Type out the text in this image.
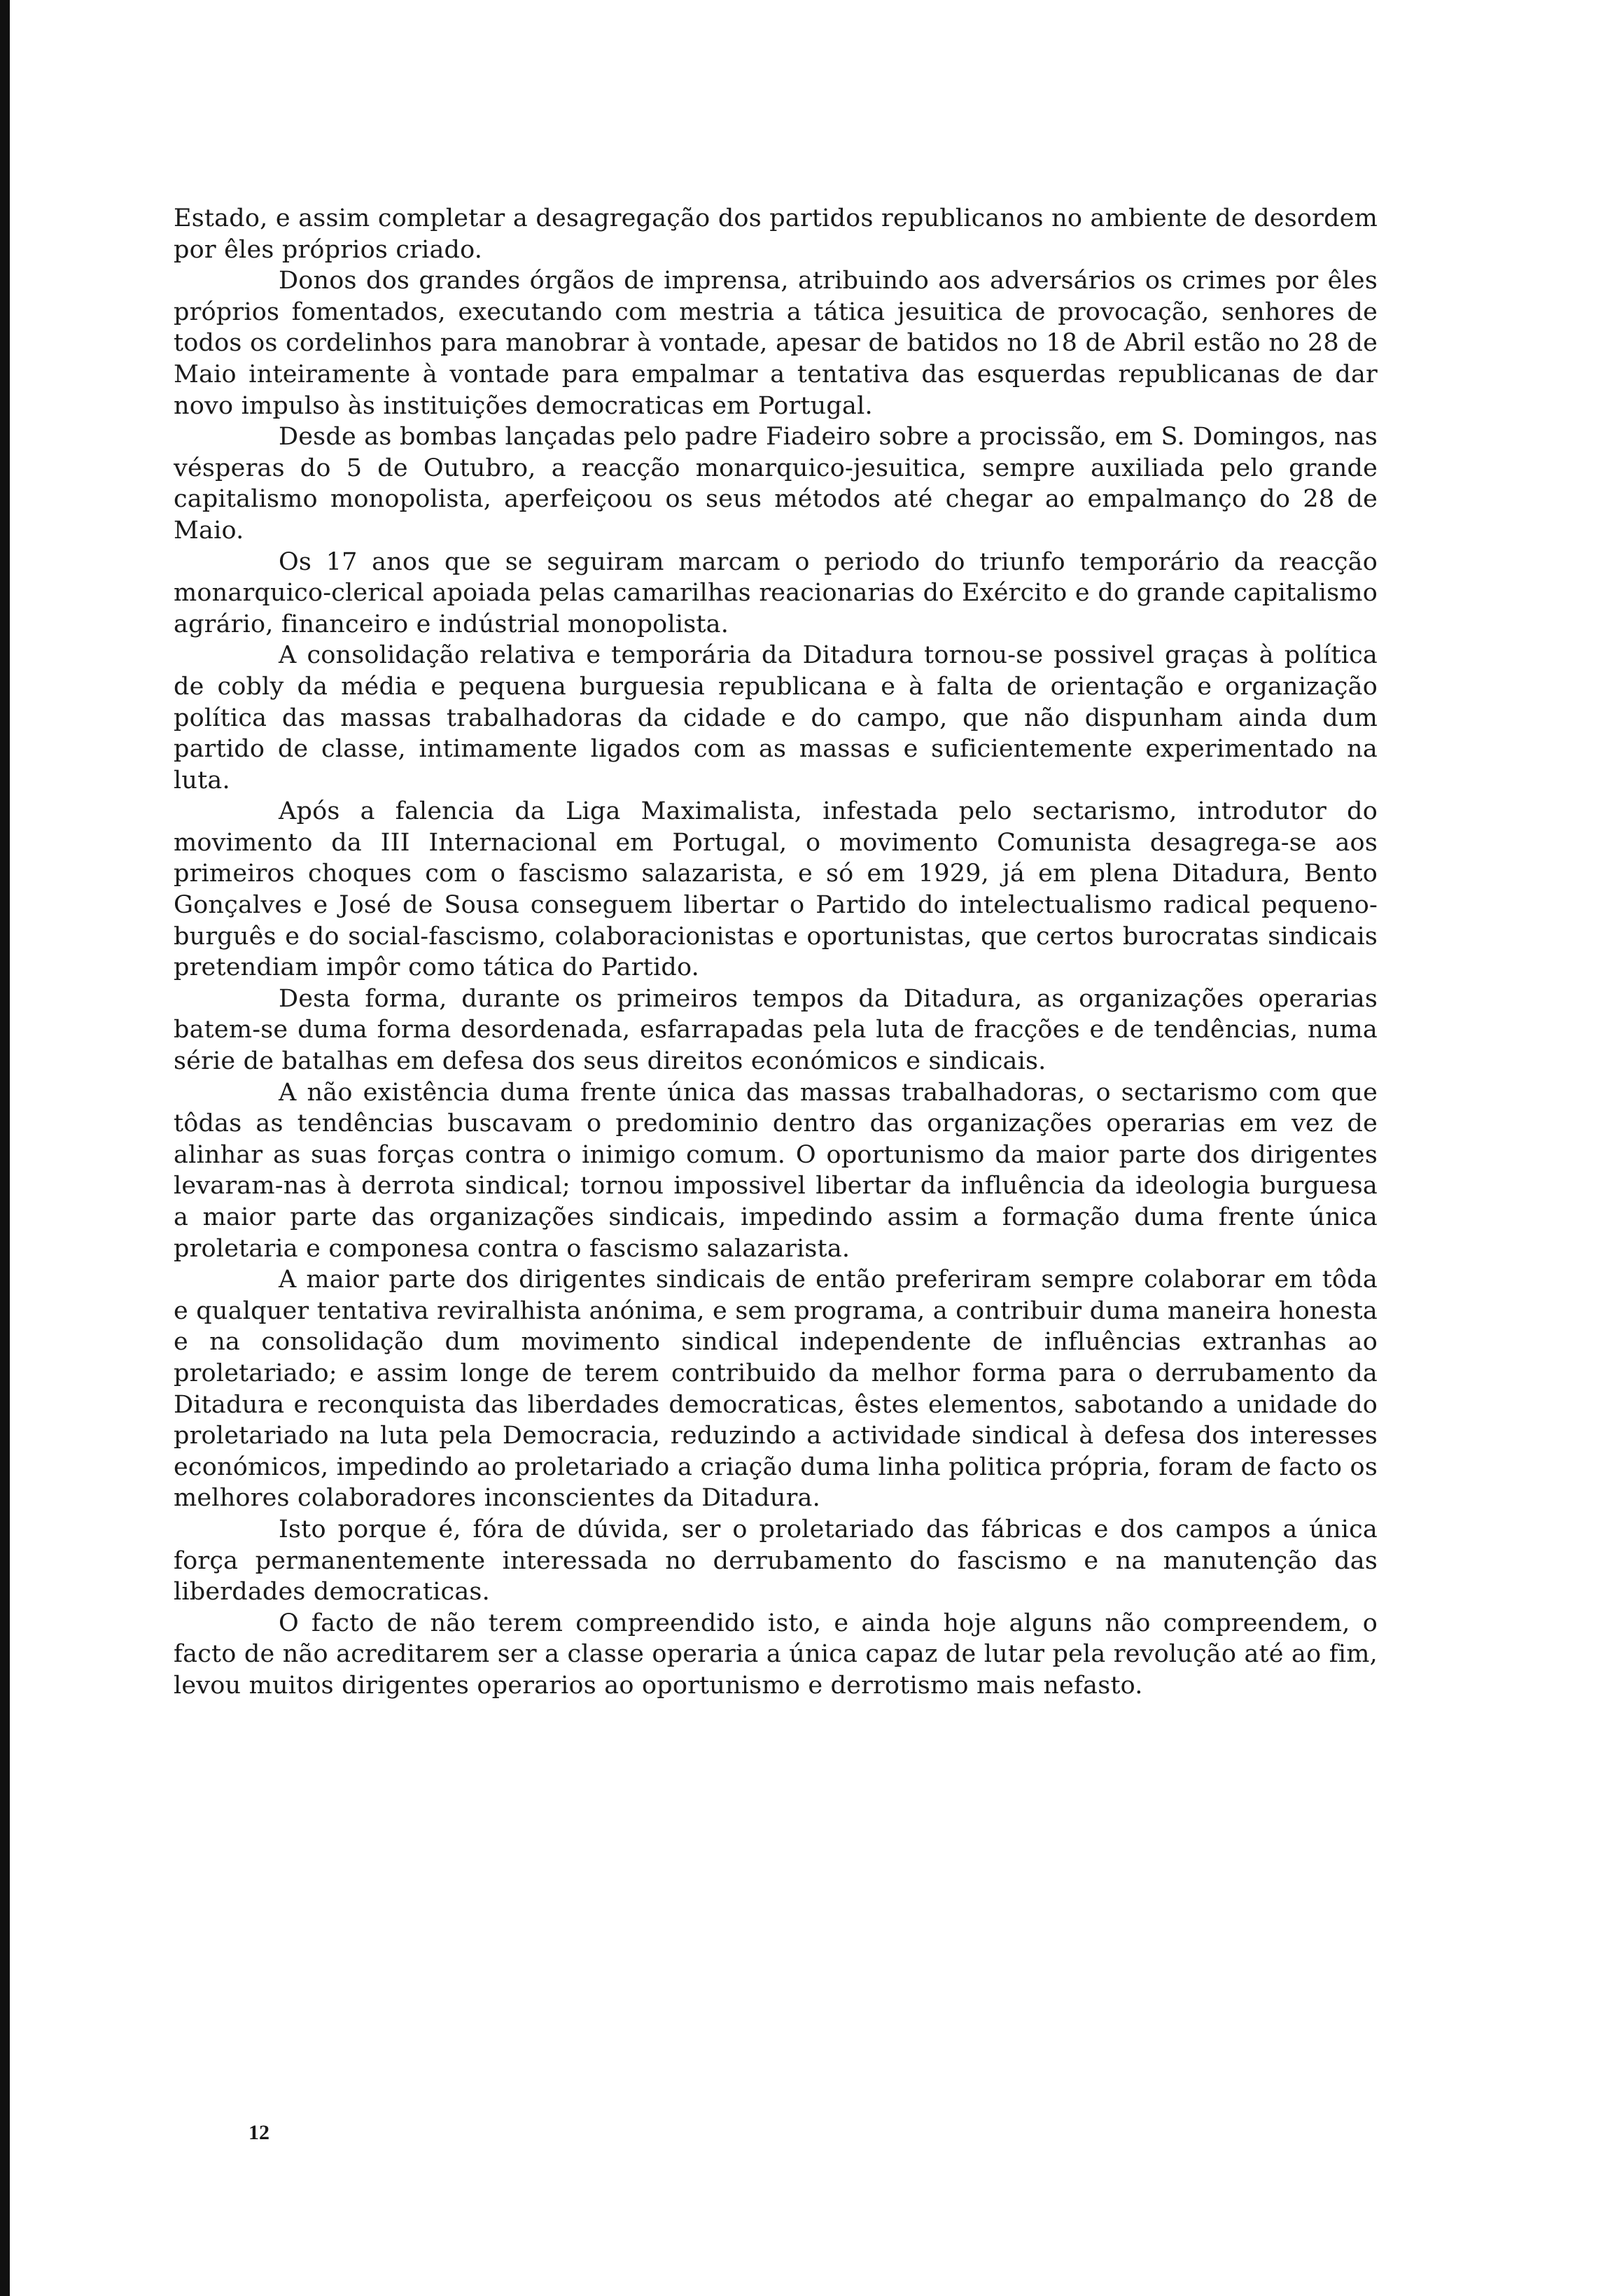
Estado, e assim completar a desagregação dos partidos republicanos no ambiente de desordem por êles próprios criado.

Donos dos grandes órgãos de imprensa, atribuindo aos adversários os crimes por êles próprios fomentados, executando com mestria a tática jesuitica de provocação, senhores de todos os cordelinhos para manobrar à vontade, apesar de batidos no 18 de Abril estão no 28 de Maio inteiramente à vontade para empalmar a tentativa das esquerdas republicanas de dar novo impulso às instituições democraticas em Portugal.

Desde as bombas lançadas pelo padre Fiadeiro sobre a procissão, em S. Domingos, nas vésperas do 5 de Outubro, a reacção monarquico-jesuitica, sempre auxiliada pelo grande capitalismo monopolista, aperfeiçoou os seus métodos até chegar ao empalmanço do 28 de Maio.

Os 17 anos que se seguiram marcam o periodo do triunfo temporário da reacção monarquico-clerical apoiada pelas camarilhas reacionarias do Exército e do grande capitalismo agrário, financeiro e indústrial monopolista.

A consolidação relativa e temporária da Ditadura tornou-se possivel graças à política de cobly da média e pequena burguesia republicana e à falta de orientação e organização política das massas trabalhadoras da cidade e do campo, que não dispunham ainda dum partido de classe, intimamente ligados com as massas e suficientemente experimentado na luta.

Após a falencia da Liga Maximalista, infestada pelo sectarismo, introdutor do movimento da III Internacional em Portugal, o movimento Comunista desagrega-se aos primeiros choques com o fascismo salazarista, e só em 1929, já em plena Ditadura, Bento Gonçalves e José de Sousa conseguem libertar o Partido do intelectualismo radical pequeno-burguês e do social-fascismo, colaboracionistas e oportunistas, que certos burocratas sindicais pretendiam impôr como tática do Partido.

Desta forma, durante os primeiros tempos da Ditadura, as organizações operarias batem-se duma forma desordenada, esfarrapadas pela luta de fracções e de tendências, numa série de batalhas em defesa dos seus direitos económicos e sindicais.

A não existência duma frente única das massas trabalhadoras, o sectarismo com que tôdas as tendências buscavam o predominio dentro das organizações operarias em vez de alinhar as suas forças contra o inimigo comum. O oportunismo da maior parte dos dirigentes levaram-nas à derrota sindical; tornou impossivel libertar da influência da ideologia burguesa a maior parte das organizações sindicais, impedindo assim a formação duma frente única proletaria e componesa contra o fascismo salazarista.

A maior parte dos dirigentes sindicais de então preferiram sempre colaborar em tôda e qualquer tentativa reviralhista anónima, e sem programa, a contribuir duma maneira honesta e na consolidação dum movimento sindical independente de influências extranhas ao proletariado; e assim longe de terem contribuido da melhor forma para o derrubamento da Ditadura e reconquista das liberdades democraticas, êstes elementos, sabotando a unidade do proletariado na luta pela Democracia, reduzindo a actividade sindical à defesa dos interesses económicos, impedindo ao proletariado a criação duma linha politica própria, foram de facto os melhores colaboradores inconscientes da Ditadura.

Isto porque é, fóra de dúvida, ser o proletariado das fábricas e dos campos a única força permanentemente interessada no derrubamento do fascismo e na manutenção das liberdades democraticas.

O facto de não terem compreendido isto, e ainda hoje alguns não compreendem, o facto de não acreditarem ser a classe operaria a única capaz de lutar pela revolução até ao fim, levou muitos dirigentes operarios ao oportunismo e derrotismo mais nefasto.

12
